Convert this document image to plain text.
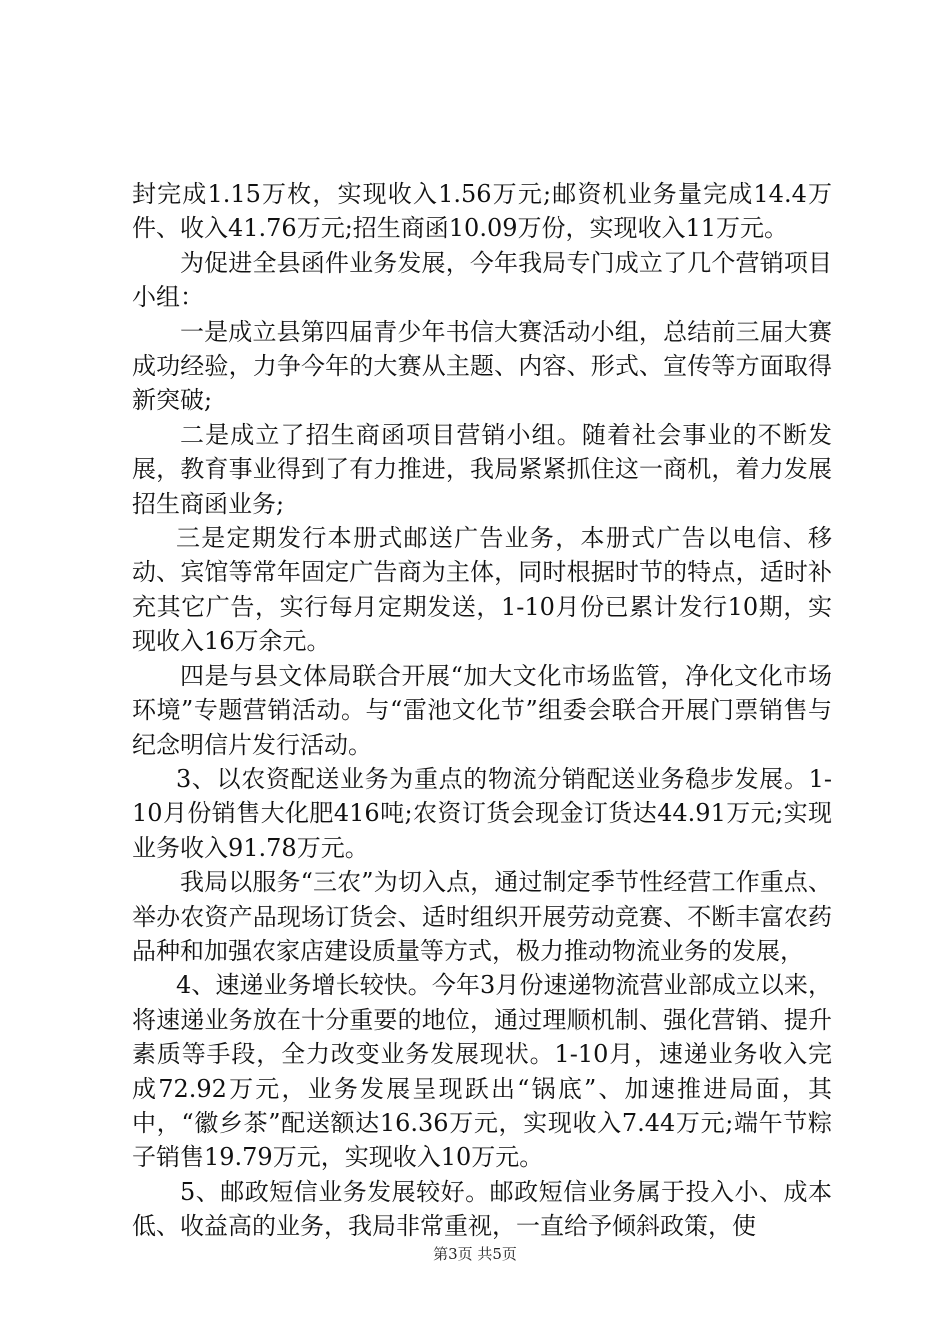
封完成1.15万枚，实现收入1.56万元;邮资机业务量完成14.4万件、收入41.76万元;招生商函10.09万份，实现收入11万元。

为促进全县函件业务发展，今年我局专门成立了几个营销项目小组：

一是成立县第四届青少年书信大赛活动小组，总结前三届大赛成功经验，力争今年的大赛从主题、内容、形式、宣传等方面取得新突破;

二是成立了招生商函项目营销小组。随着社会事业的不断发展，教育事业得到了有力推进，我局紧紧抓住这一商机，着力发展招生商函业务;

三是定期发行本册式邮送广告业务，本册式广告以电信、移动、宾馆等常年固定广告商为主体，同时根据时节的特点，适时补充其它广告，实行每月定期发送，1-10月份已累计发行10期，实现收入16万余元。

四是与县文体局联合开展“加大文化市场监管，净化文化市场环境”专题营销活动。与“雷池文化节”组委会联合开展门票销售与纪念明信片发行活动。

3、以农资配送业务为重点的物流分销配送业务稳步发展。1-10月份销售大化肥416吨;农资订货会现金订货达44.91万元;实现业务收入91.78万元。

我局以服务“三农”为切入点，通过制定季节性经营工作重点、举办农资产品现场订货会、适时组织开展劳动竞赛、不断丰富农药品种和加强农家店建设质量等方式，极力推动物流业务的发展，

4、速递业务增长较快。今年3月份速递物流营业部成立以来，将速递业务放在十分重要的地位，通过理顺机制、强化营销、提升素质等手段，全力改变业务发展现状。1-10月，速递业务收入完成72.92万元，业务发展呈现跃出“锅底”、加速推进局面，其中，“徽乡茶”配送额达16.36万元，实现收入7.44万元;端午节粽子销售19.79万元，实现收入10万元。

5、邮政短信业务发展较好。邮政短信业务属于投入小、成本低、收益高的业务，我局非常重视，一直给予倾斜政策，使

第3页 共5页
